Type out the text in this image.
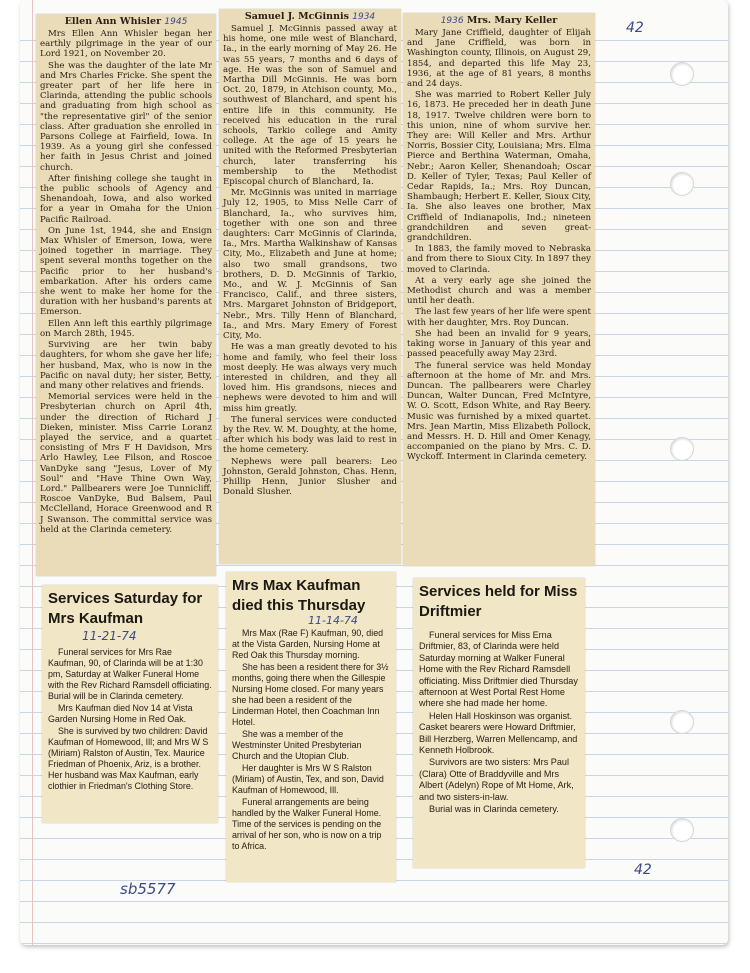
42
42
sb5577
Ellen Ann Whisler 1945

Mrs Ellen Ann Whisler began her earthly pilgrimage in the year of our Lord 1921, on November 20.

She was the daughter of the late Mr and Mrs Charles Fricke. She spent the greater part of her life here in Clarinda, attending the public schools and graduating from high school as "the representative girl" of the senior class. After graduation she enrolled in Parsons College at Fairfield, Iowa. In 1939. As a young girl she confessed her faith in Jesus Christ and joined church.

After finishing college she taught in the public schools of Agency and Shenandoah, Iowa, and also worked for a year in Omaha for the Union Pacific Railroad.

On June 1st, 1944, she and Ensign Max Whisler of Emerson, Iowa, were joined together in marriage. They spent several months together on the Pacific prior to her husband's embarkation. After his orders came she went to make her home for the duration with her husband's parents at Emerson.

Ellen Ann left this earthly pilgrimage on March 28th, 1945.

Surviving are her twin baby daughters, for whom she gave her life; her husband, Max, who is now in the Pacific on naval duty; her sister, Betty, and many other relatives and friends.

Memorial services were held in the Presbyterian church on April 4th, under the direction of Richard J Dieken, minister. Miss Carrie Loranz played the service, and a quartet consisting of Mrs F H Davidson, Mrs Arlo Hawley, Lee Filson, and Roscoe VanDyke sang "Jesus, Lover of My Soul" and "Have Thine Own Way, Lord." Pallbearers were Joe Tunnicliff, Roscoe VanDyke, Bud Balsem, Paul McClelland, Horace Greenwood and R J Swanson. The committal service was held at the Clarinda cemetery.

Samuel J. McGinnis 1934

Samuel J. McGinnis passed away at his home, one mile west of Blanchard, Ia., in the early morning of May 26. He was 55 years, 7 months and 6 days of age. He was the son of Samuel and Martha Dill McGinnis. He was born Oct. 20, 1879, in Atchison county, Mo., southwest of Blanchard, and spent his entire life in this community. He received his education in the rural schools, Tarkio college and Amity college. At the age of 15 years he united with the Reformed Presbyterian church, later transferring his membership to the Methodist Episcopal church of Blanchard, Ia.

Mr. McGinnis was united in marriage July 12, 1905, to Miss Nelle Carr of Blanchard, Ia., who survives him, together with one son and three daughters: Carr McGinnis of Clarinda, Ia., Mrs. Martha Walkinshaw of Kansas City, Mo., Elizabeth and June at home; also two small grandsons, two brothers, D. D. McGinnis of Tarkio, Mo., and W. J. McGinnis of San Francisco, Calif., and three sisters, Mrs. Margaret Johnston of Bridgeport, Nebr., Mrs. Tilly Henn of Blanchard, Ia., and Mrs. Mary Emery of Forest City, Mo.

He was a man greatly devoted to his home and family, who feel their loss most deeply. He was always very much interested in children, and they all loved him. His grandsons, nieces and nephews were devoted to him and will miss him greatly.

The funeral services were conducted by the Rev. W. M. Doughty, at the home, after which his body was laid to rest in the home cemetery.

Nephews were pall bearers: Leo Johnston, Gerald Johnston, Chas. Henn, Phillip Henn, Junior Slusher and Donald Slusher.

1936 Mrs. Mary Keller

Mary Jane Criffield, daughter of Elijah and Jane Criffield, was born in Washington county, Illinois, on August 29, 1854, and departed this life May 23, 1936, at the age of 81 years, 8 months and 24 days.

She was married to Robert Keller July 16, 1873. He preceded her in death June 18, 1917. Twelve children were born to this union, nine of whom survive her. They are: Will Keller and Mrs. Arthur Norris, Bossier City, Louisiana; Mrs. Elma Pierce and Berthina Waterman, Omaha, Nebr.; Aaron Keller, Shenandoah; Oscar D. Keller of Tyler, Texas; Paul Keller of Cedar Rapids, Ia.; Mrs. Roy Duncan, Shambaugh; Herbert E. Keller, Sioux City, Ia. She also leaves one brother, Max Criffield of Indianapolis, Ind.; nineteen grandchildren and seven great-grandchildren.

In 1883, the family moved to Nebraska and from there to Sioux City. In 1897 they moved to Clarinda.

At a very early age she joined the Methodist church and was a member until her death.

The last few years of her life were spent with her daughter, Mrs. Roy Duncan.

She had been an invalid for 9 years, taking worse in January of this year and passed peacefully away May 23rd.

The funeral service was held Monday afternoon at the home of Mr. and Mrs. Duncan. The pallbearers were Charley Duncan, Walter Duncan, Fred McIntyre, W. O. Scott, Edson White, and Ray Beery. Music was furnished by a mixed quartet. Mrs. Jean Martin, Miss Elizabeth Pollock, and Messrs. H. D. Hill and Omer Kenagy, accompanied on the piano by Mrs. C. D. Wyckoff. Interment in Clarinda cemetery.

Services Saturday for Mrs Kaufman
11-21-74

Funeral services for Mrs Rae Kaufman, 90, of Clarinda will be at 1:30 pm, Saturday at Walker Funeral Home with the Rev Richard Ramsdell officiating. Burial will be in Clarinda cemetery.

Mrs Kaufman died Nov 14 at Vista Garden Nursing Home in Red Oak.

She is survived by two children: David Kaufman of Homewood, Ill; and Mrs W S (Miriam) Ralston of Austin, Tex. Maurice Friedman of Phoenix, Ariz, is a brother. Her husband was Max Kaufman, early clothier in Friedman's Clothing Store.

Mrs Max Kaufman died this Thursday
11-14-74

Mrs Max (Rae F) Kaufman, 90, died at the Vista Garden, Nursing Home at Red Oak this Thursday morning.

She has been a resident there for 3½ months, going there when the Gillespie Nursing Home closed. For many years she had been a resident of the Linderman Hotel, then Coachman Inn Hotel.

She was a member of the Westminster United Presbyterian Church and the Utopian Club.

Her daughter is Mrs W S Ralston (Miriam) of Austin, Tex, and son, David Kaufman of Homewood, Ill.

Funeral arrangements are being handled by the Walker Funeral Home. Time of the services is pending on the arrival of her son, who is now on a trip to Africa.

Services held for Miss Driftmier

Funeral services for Miss Erna Driftmier, 83, of Clarinda were held Saturday morning at Walker Funeral Home with the Rev Richard Ramsdell officiating. Miss Driftmier died Thursday afternoon at West Portal Rest Home where she had made her home.

Helen Hall Hoskinson was organist. Casket bearers were Howard Driftmier, Bill Herzberg, Warren Mellencamp, and Kenneth Holbrook.

Survivors are two sisters: Mrs Paul (Clara) Otte of Braddyville and Mrs Albert (Adelyn) Rope of Mt Home, Ark, and two sisters-in-law.

Burial was in Clarinda cemetery.
